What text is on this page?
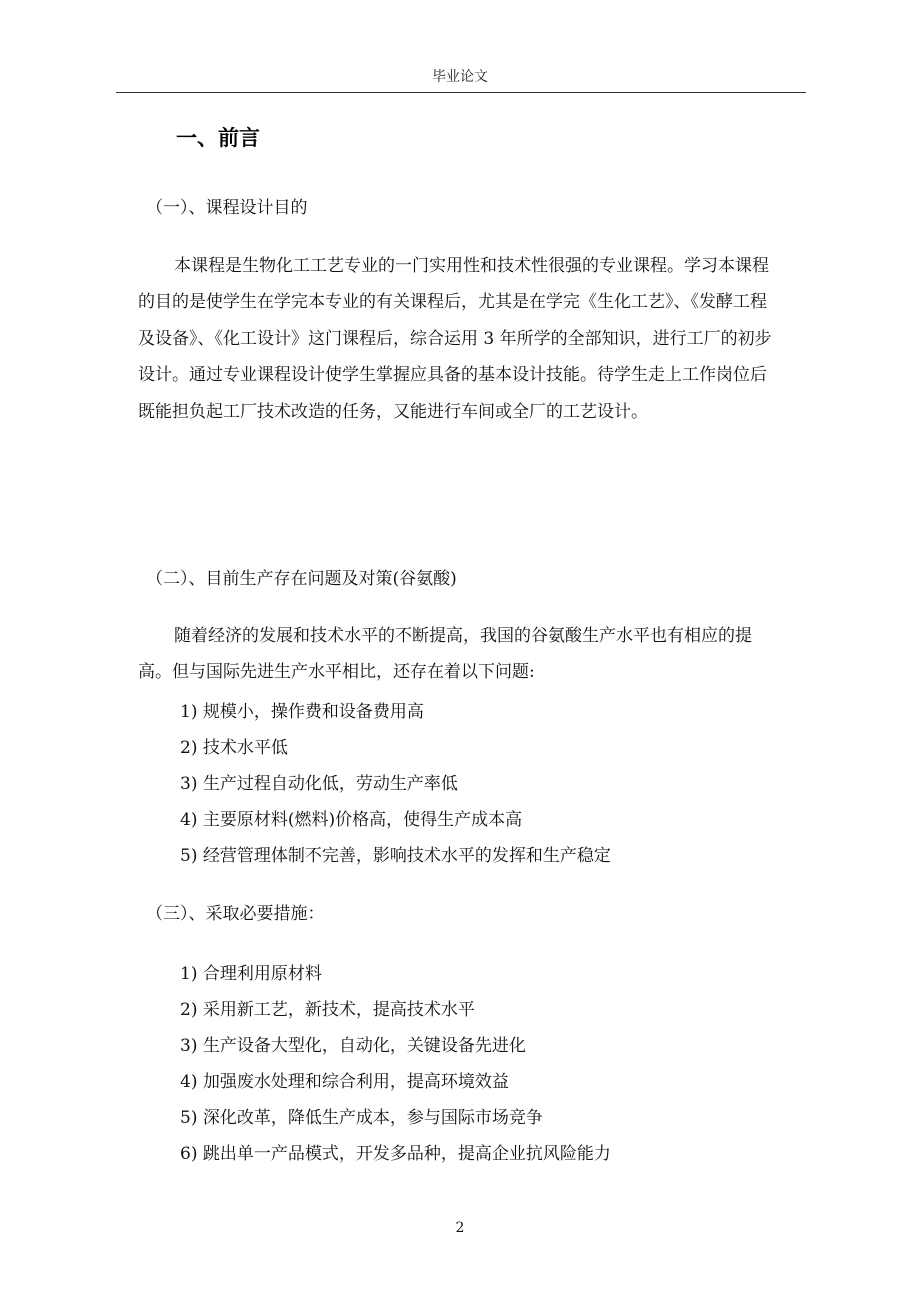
毕业论文
一、前言
（一）、课程设计目的
本课程是生物化工工艺专业的一门实用性和技术性很强的专业课程。学习本课程的目的是使学生在学完本专业的有关课程后，尤其是在学完《生化工艺》、《发酵工程及设备》、《化工设计》这门课程后，综合运用 3 年所学的全部知识，进行工厂的初步设计。通过专业课程设计使学生掌握应具备的基本设计技能。待学生走上工作岗位后既能担负起工厂技术改造的任务，又能进行车间或全厂的工艺设计。
（二）、目前生产存在问题及对策(谷氨酸)
随着经济的发展和技术水平的不断提高，我国的谷氨酸生产水平也有相应的提高。但与国际先进生产水平相比，还存在着以下问题:
1) 规模小，操作费和设备费用高
2) 技术水平低
3) 生产过程自动化低，劳动生产率低
4) 主要原材料(燃料)价格高，使得生产成本高
5) 经营管理体制不完善，影响技术水平的发挥和生产稳定
（三）、采取必要措施：
1) 合理利用原材料
2) 采用新工艺，新技术，提高技术水平
3) 生产设备大型化，自动化，关键设备先进化
4) 加强废水处理和综合利用，提高环境效益
5) 深化改革，降低生产成本，参与国际市场竞争
6) 跳出单一产品模式，开发多品种，提高企业抗风险能力
2
